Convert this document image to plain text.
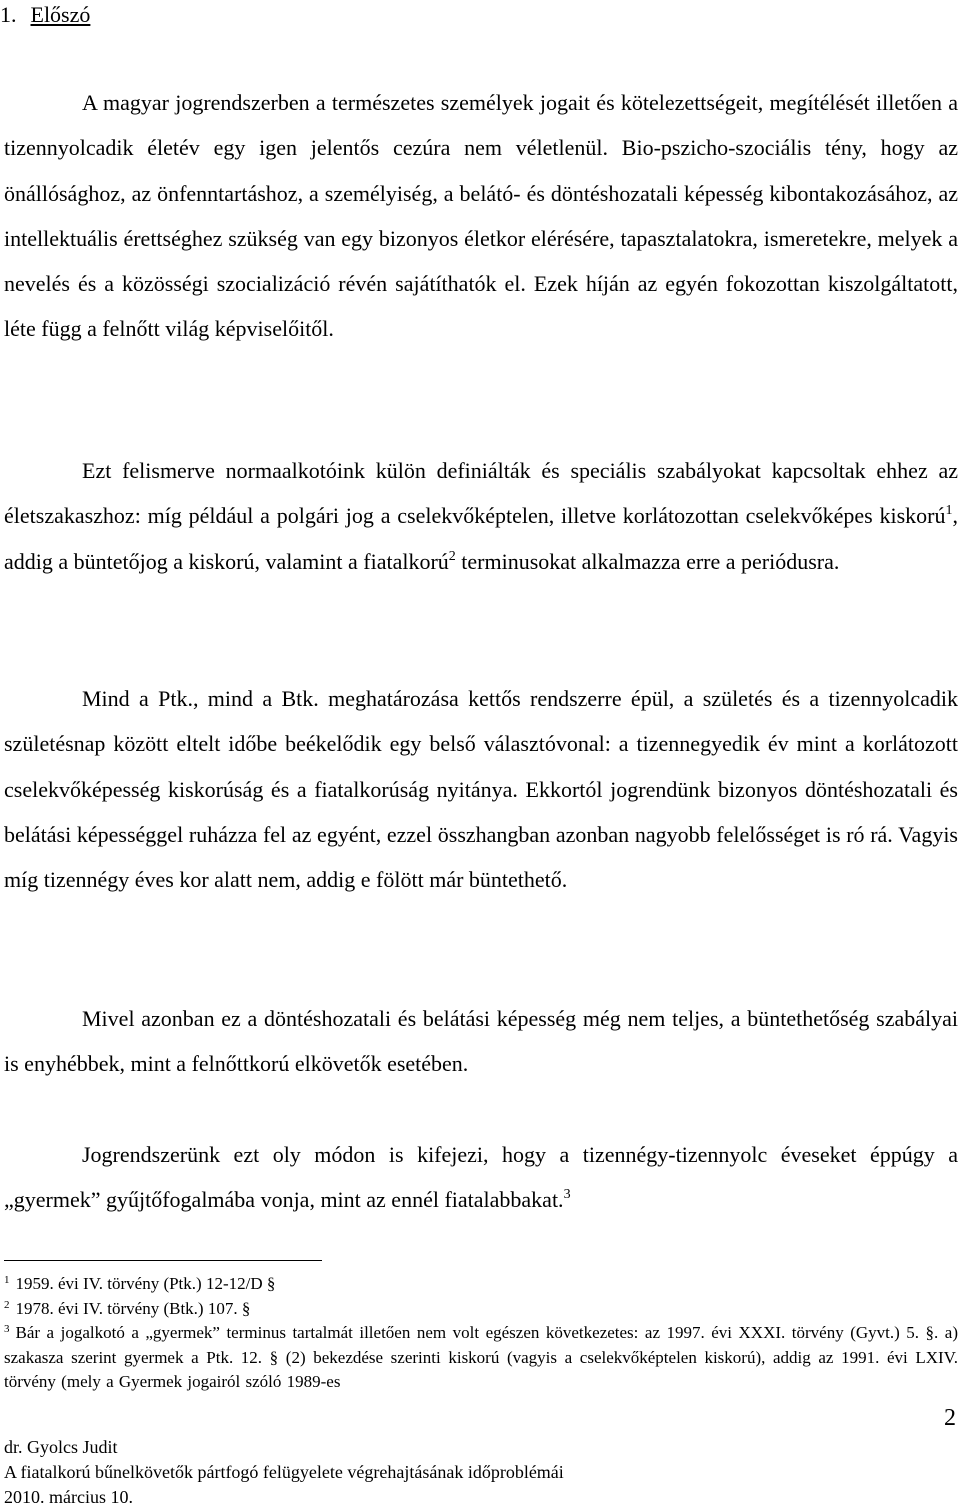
1. Előszó

A magyar jogrendszerben a természetes személyek jogait és kötelezettségeit, megítélését illetően a tizennyolcadik életév egy igen jelentős cezúra nem véletlenül. Bio-pszicho-szociális tény, hogy az önállósághoz, az önfenntartáshoz, a személyiség, a belátó- és döntéshozatali képesség kibontakozásához, az intellektuális érettséghez szükség van egy bizonyos életkor elérésére, tapasztalatokra, ismeretekre, melyek a nevelés és a közösségi szocializáció révén sajátíthatók el. Ezek híján az egyén fokozottan kiszolgáltatott, léte függ a felnőtt világ képviselőitől.

Ezt felismerve normaalkotóink külön definiálták és speciális szabályokat kapcsoltak ehhez az életszakaszhoz: míg például a polgári jog a cselekvőképtelen, illetve korlátozottan cselekvőképes kiskorú$^1$, addig a büntetőjog a kiskorú, valamint a fiatalkorú$^2$ terminusokat alkalmazza erre a periódusra.

Mind a Ptk., mind a Btk. meghatározása kettős rendszerre épül, a születés és a tizennyolcadik születésnap között eltelt időbe beékelődik egy belső választóvonal: a tizennegyedik év mint a korlátozott cselekvőképesség kiskorúság és a fiatalkorúság nyitánya. Ekkortól jogrendünk bizonyos döntéshozatali és belátási képességgel ruházza fel az egyént, ezzel összhangban azonban nagyobb felelősséget is ró rá. Vagyis míg tizennégy éves kor alatt nem, addig e fölött már büntethető.

Mivel azonban ez a döntéshozatali és belátási képesség még nem teljes, a büntethetőség szabályai is enyhébbek, mint a felnőttkorú elkövetők esetében.

Jogrendszerünk ezt oly módon is kifejezi, hogy a tizennégy-tizennyolc éveseket éppúgy a „gyermek” gyűjtőfogalmába vonja, mint az ennél fiatalabbakat.$^3$

$^1$ 1959. évi IV. törvény (Ptk.) 12-12/D §

$^2$ 1978. évi IV. törvény (Btk.) 107. §

$^3$ Bár a jogalkotó a „gyermek” terminus tartalmát illetően nem volt egészen következetes: az 1997. évi XXXI. törvény (Gyvt.) 5. §. a) szakasza szerint gyermek a Ptk. 12. § (2) bekezdése szerinti kiskorú (vagyis a cselekvőképtelen kiskorú), addig az 1991. évi LXIV. törvény (mely a Gyermek jogairól szóló 1989-es

2
dr. Gyolcs Judit
A fiatalkorú bűnelkövetők pártfogó felügyelete végrehajtásának időproblémái
2010. március 10.
